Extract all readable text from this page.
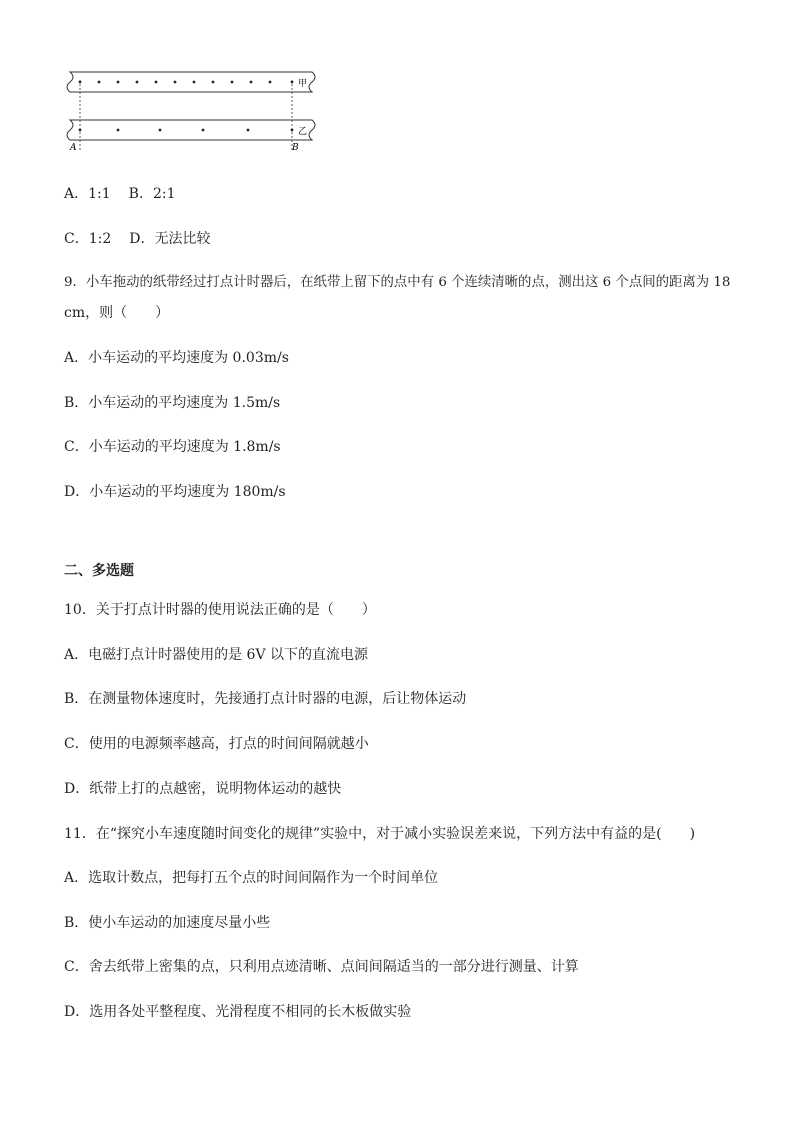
甲
乙
A	B
A．1:1 B．2:1
C．1:2 D．无法比较
9．小车拖动的纸带经过打点计时器后，在纸带上留下的点中有 6 个连续清晰的点，测出这 6 个点间的距离为 18
cm，则（　　）
A．小车运动的平均速度为 0.03m/s
B．小车运动的平均速度为 1.5m/s
C．小车运动的平均速度为 1.8m/s
D．小车运动的平均速度为 180m/s
二、多选题
10．关于打点计时器的使用说法正确的是（　　）
A．电磁打点计时器使用的是 6V 以下的直流电源
B．在测量物体速度时，先接通打点计时器的电源，后让物体运动
C．使用的电源频率越高，打点的时间间隔就越小
D．纸带上打的点越密，说明物体运动的越快
11．在“探究小车速度随时间变化的规律”实验中，对于减小实验误差来说，下列方法中有益的是(　　)
A．选取计数点，把每打五个点的时间间隔作为一个时间单位
B．使小车运动的加速度尽量小些
C．舍去纸带上密集的点，只利用点迹清晰、点间间隔适当的一部分进行测量、计算
D．选用各处平整程度、光滑程度不相同的长木板做实验
